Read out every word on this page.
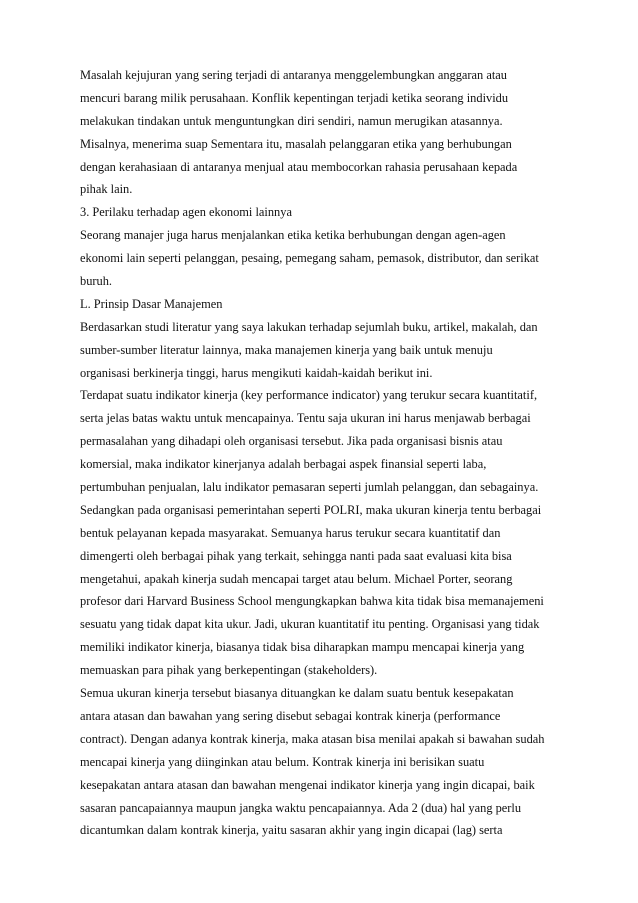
Masalah kejujuran yang sering terjadi di antaranya menggelembungkan anggaran atau
mencuri barang milik perusahaan. Konflik kepentingan terjadi ketika seorang individu
melakukan tindakan untuk menguntungkan diri sendiri, namun merugikan atasannya.
Misalnya, menerima suap Sementara itu, masalah pelanggaran etika yang berhubungan
dengan kerahasiaan di antaranya menjual atau membocorkan rahasia perusahaan kepada
pihak lain.
3. Perilaku terhadap agen ekonomi lainnya
Seorang manajer juga harus menjalankan etika ketika berhubungan dengan agen-agen
ekonomi lain seperti pelanggan, pesaing, pemegang saham, pemasok, distributor, dan serikat
buruh.
L. Prinsip Dasar Manajemen
Berdasarkan studi literatur yang saya lakukan terhadap sejumlah buku, artikel, makalah, dan
sumber-sumber literatur lainnya, maka manajemen kinerja yang baik untuk menuju
organisasi berkinerja tinggi, harus mengikuti kaidah-kaidah berikut ini.
Terdapat suatu indikator kinerja (key performance indicator) yang terukur secara kuantitatif,
serta jelas batas waktu untuk mencapainya. Tentu saja ukuran ini harus menjawab berbagai
permasalahan yang dihadapi oleh organisasi tersebut. Jika pada organisasi bisnis atau
komersial, maka indikator kinerjanya adalah berbagai aspek finansial seperti laba,
pertumbuhan penjualan, lalu indikator pemasaran seperti jumlah pelanggan, dan sebagainya.
Sedangkan pada organisasi pemerintahan seperti POLRI, maka ukuran kinerja tentu berbagai
bentuk pelayanan kepada masyarakat. Semuanya harus terukur secara kuantitatif dan
dimengerti oleh berbagai pihak yang terkait, sehingga nanti pada saat evaluasi kita bisa
mengetahui, apakah kinerja sudah mencapai target atau belum. Michael Porter, seorang
profesor dari Harvard Business School mengungkapkan bahwa kita tidak bisa memanajemeni
sesuatu yang tidak dapat kita ukur. Jadi, ukuran kuantitatif itu penting. Organisasi yang tidak
memiliki indikator kinerja, biasanya tidak bisa diharapkan mampu mencapai kinerja yang
memuaskan para pihak yang berkepentingan (stakeholders).
Semua ukuran kinerja tersebut biasanya dituangkan ke dalam suatu bentuk kesepakatan
antara atasan dan bawahan yang sering disebut sebagai kontrak kinerja (performance
contract). Dengan adanya kontrak kinerja, maka atasan bisa menilai apakah si bawahan sudah
mencapai kinerja yang diinginkan atau belum. Kontrak kinerja ini berisikan suatu
kesepakatan antara atasan dan bawahan mengenai indikator kinerja yang ingin dicapai, baik
sasaran pancapaiannya maupun jangka waktu pencapaiannya. Ada 2 (dua) hal yang perlu
dicantumkan dalam kontrak kinerja, yaitu sasaran akhir yang ingin dicapai (lag) serta
